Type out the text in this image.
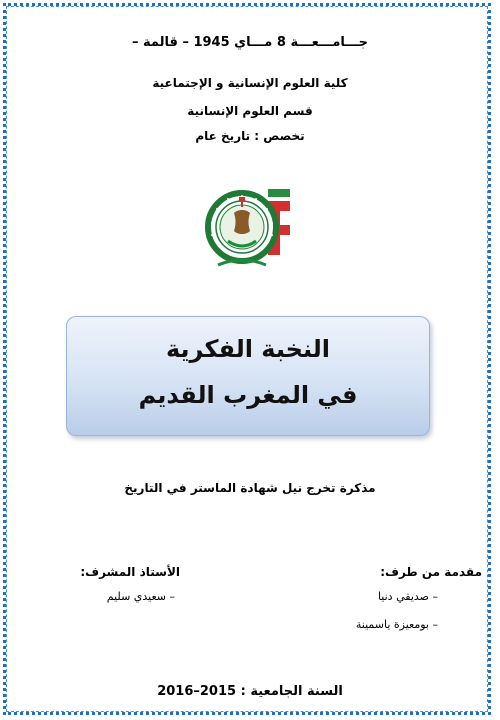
جـــامـــعـــة 8 مـــاي 1945 – قالمة –
كلية العلوم الإنسانية و الإجتماعية
قسم العلوم الإنسانية
تخصص : تاريخ عام
النخبة الفكرية
في المغرب القديم
مذكرة تخرج نيل شهادة الماستر في التاريخ
مقدمة من طرف:
الأستاذ المشرف:
– صديقي دنيا
– بومعيزة ياسمينة
– سعيدي سليم
السنة الجامعية : 2015–2016
